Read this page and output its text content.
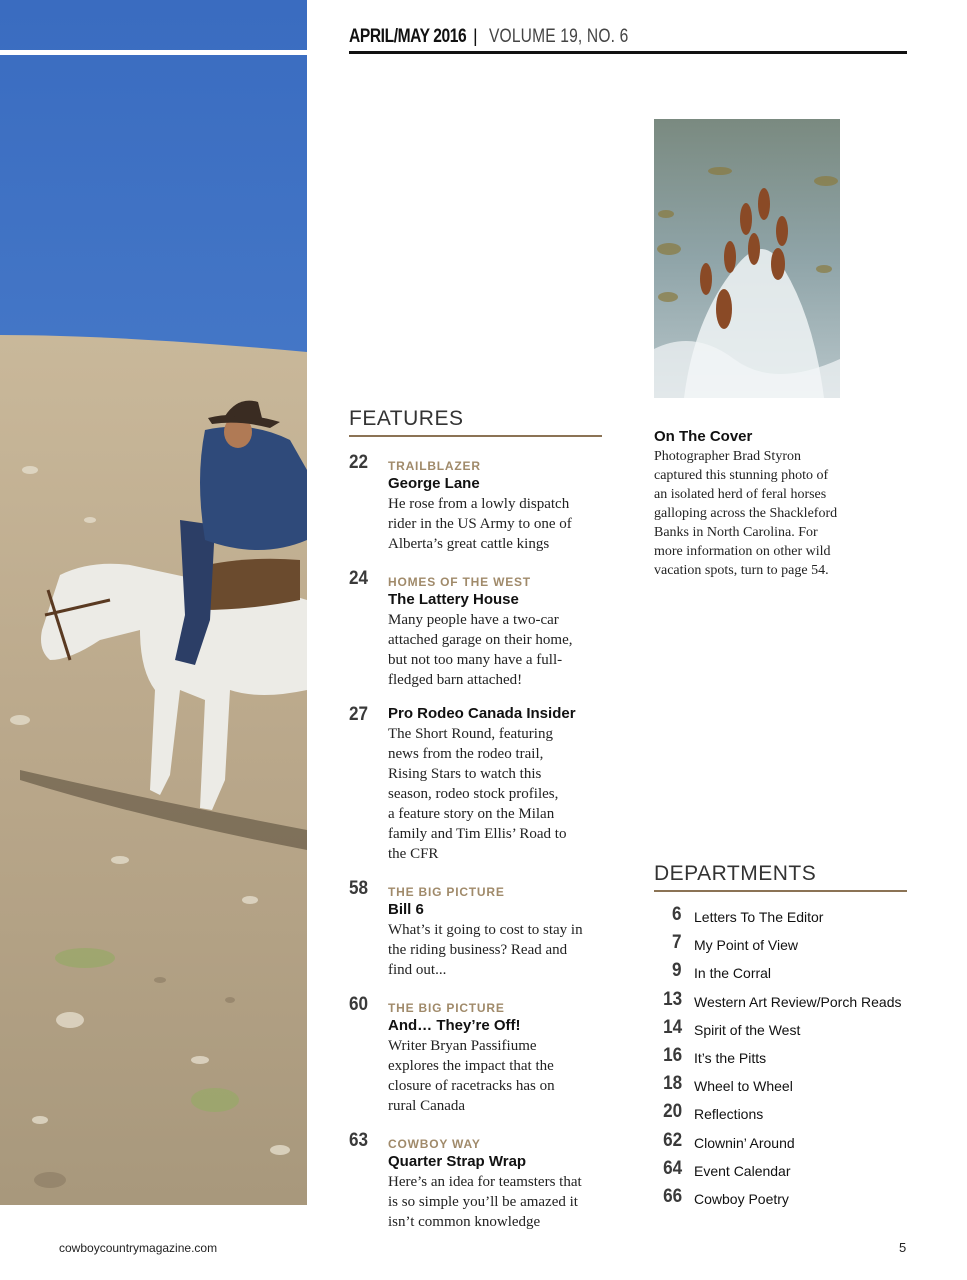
APRIL/MAY 2016 | VOLUME 19, NO. 6
FEATURES
22 TRAILBLAZER
George Lane
He rose from a lowly dispatch
rider in the US Army to one of
Alberta’s great cattle kings
24 HOMES OF THE WEST
The Lattery House
Many people have a two-car
attached garage on their home,
but not too many have a full-
fledged barn attached!
27 Pro Rodeo Canada Insider
The Short Round, featuring
news from the rodeo trail,
Rising Stars to watch this
season, rodeo stock profiles,
a feature story on the Milan
family and Tim Ellis’ Road to
the CFR
58 THE BIG PICTURE
Bill 6
What’s it going to cost to stay in
the riding business? Read and
find out...
60 THE BIG PICTURE
And… They’re Off!
Writer Bryan Passifiume
explores the impact that the
closure of racetracks has on
rural Canada
63 COWBOY WAY
Quarter Strap Wrap
Here’s an idea for teamsters that
is so simple you’ll be amazed it
isn’t common knowledge
On The Cover
Photographer Brad Styron
captured this stunning photo of
an isolated herd of feral horses
galloping across the Shackleford
Banks in North Carolina. For
more information on other wild
vacation spots, turn to page 54.
DEPARTMENTS
6 Letters To The Editor
7 My Point of View
9 In the Corral
13 Western Art Review/Porch Reads
14 Spirit of the West
16 It’s the Pitts
18 Wheel to Wheel
20 Reflections
62 Clownin’ Around
64 Event Calendar
66 Cowboy Poetry
cowboycountrymagazine.com	5
